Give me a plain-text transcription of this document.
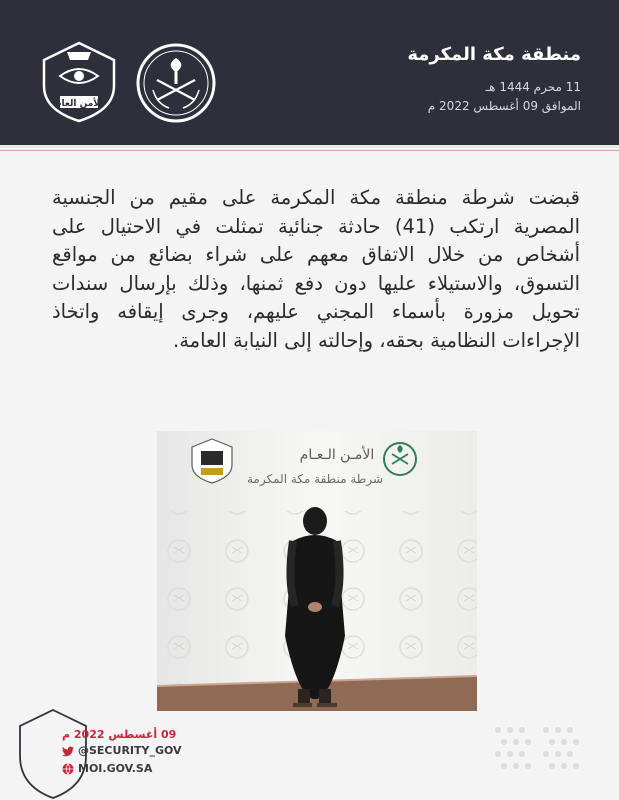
منطقة مكة المكرمة
11 محرم 1444 هـ
الموافق 09 أغسطس 2022 م
الأمن العام
قبضت شرطة منطقة مكة المكرمة على مقيم من الجنسية المصرية ارتكب (41) حادثة جنائية تمثلت في الاحتيال على أشخاص من خلال الاتفاق معهم على شراء بضائع من مواقع التسوق، والاستيلاء عليها دون دفع ثمنها، وذلك بإرسال سندات تحويل مزورة بأسماء المجني عليهم، وجرى إيقافه واتخاذ الإجراءات النظامية بحقه، وإحالته إلى النيابة العامة.
الأمـن الـعـام
شرطة منطقة مكة المكرمة
09 أغسطس 2022 م
@SECURITY_GOV
MOI.GOV.SA
